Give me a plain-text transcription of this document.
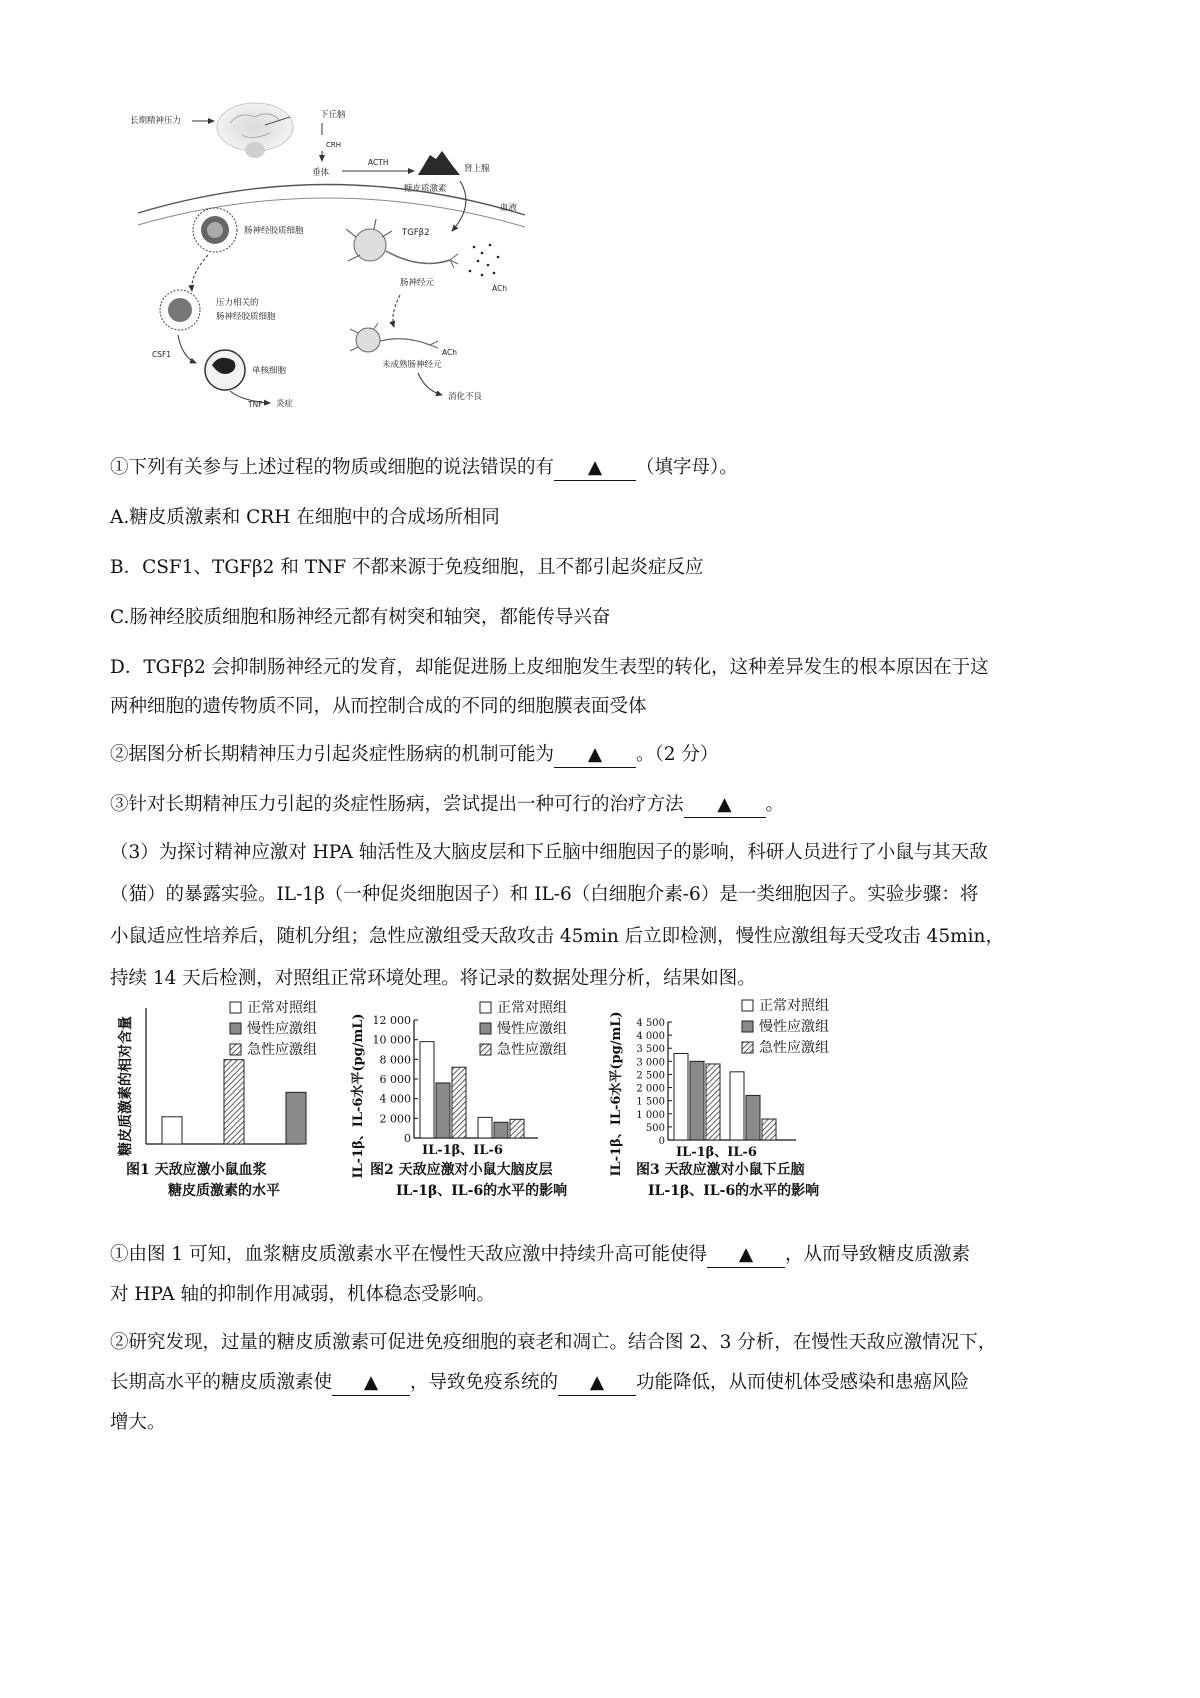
长期精神压力
下丘脑
CRH
垂体
ACTH
肾上腺
糖皮质激素
血液
肠神经胶质细胞	TGFβ2
肠神经元
ACh
压力相关的
肠神经胶质细胞
ACh
未成熟肠神经元
CSF1
单核细胞
TNF 炎症
消化不良
①下列有关参与上述过程的物质或细胞的说法错误的有 ▲ （填字母）。
A.糖皮质激素和 CRH 在细胞中的合成场所相同
B．CSF1、TGFβ2 和 TNF 不都来源于免疫细胞，且不都引起炎症反应
C.肠神经胶质细胞和肠神经元都有树突和轴突，都能传导兴奋
D．TGFβ2 会抑制肠神经元的发育，却能促进肠上皮细胞发生表型的转化，这种差异发生的根本原因在于这
两种细胞的遗传物质不同，从而控制合成的不同的细胞膜表面受体
②据图分析长期精神压力引起炎症性肠病的机制可能为 ▲ 。（2 分）
③针对长期精神压力引起的炎症性肠病，尝试提出一种可行的治疗方法 ▲ 。
（3）为探讨精神应激对 HPA 轴活性及大脑皮层和下丘脑中细胞因子的影响，科研人员进行了小鼠与其天敌
（猫）的暴露实验。IL-1β（一种促炎细胞因子）和 IL-6（白细胞介素-6）是一类细胞因子。实验步骤：将
小鼠适应性培养后，随机分组；急性应激组受天敌攻击 45min 后立即检测，慢性应激组每天受攻击 45min，
持续 14 天后检测，对照组正常环境处理。将记录的数据处理分析，结果如图。
正常对照组
慢性应激组
急性应激组
糖皮质激素的相对含量
图1 天敌应激小鼠血浆
糖皮质激素的水平
0
2 000
4 000
6 000
8 000
10 000
12 000
正常对照组
慢性应激组
急性应激组
IL-1β、IL-6水平(pg/mL)	IL-1β、IL-6
图2 天敌应激对小鼠大脑皮层
IL-1β、IL-6的水平的影响
0
500
1 000
1 500
2 000
2 500
3 000
3 500
4 000
4 500
正常对照组
慢性应激组
急性应激组
IL-1β、IL-6水平(pg/mL)	IL-1β、IL-6
图3 天敌应激对小鼠下丘脑
IL-1β、IL-6的水平的影响
①由图 1 可知，血浆糖皮质激素水平在慢性天敌应激中持续升高可能使得 ▲ ，从而导致糖皮质激素
对 HPA 轴的抑制作用减弱，机体稳态受影响。
②研究发现，过量的糖皮质激素可促进免疫细胞的衰老和凋亡。结合图 2、3 分析，在慢性天敌应激情况下，
长期高水平的糖皮质激素使 ▲ ，导致免疫系统的 ▲ 功能降低，从而使机体受感染和患癌风险
增大。
